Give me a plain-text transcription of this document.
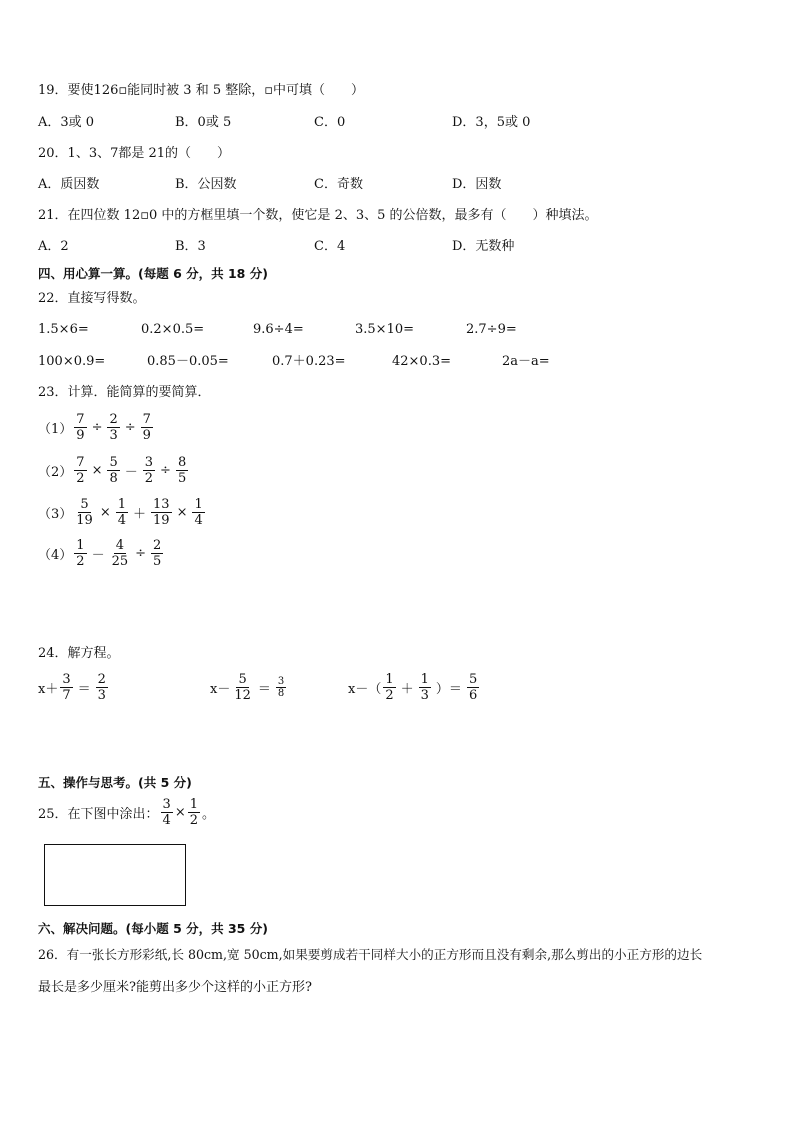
19．要使126▫能同时被 3 和 5 整除，▫中可填（　　）
A．3或 0	B．0或 5	C．0	D．3，5或 0
20．1、3、7都是 21的（　　）
A．质因数	B．公因数	C．奇数	D．因数
21．在四位数 12▫0 中的方框里填一个数，使它是 2、3、5 的公倍数，最多有（　　）种填法。
A．2	B．3	C．4	D．无数种
四、用心算一算。(每题 6 分，共 18 分)
22．直接写得数。
1.5×6=	0.2×0.5=	9.6÷4=	3.5×10=	2.7÷9=
100×0.9=	0.85－0.05=	0.7＋0.23=	42×0.3=	2a－a=
23．计算．能简算的要简算．
$(1) \frac{7}{9} \div \frac{2}{3} \div \frac{7}{9}$
$(2) \frac{7}{2} \times \frac{5}{8} - \frac{3}{2} \div \frac{8}{5}$
$(3) \frac{5}{19} \times \frac{1}{4} + \frac{13}{19} \times \frac{1}{4}$
$(4) \frac{1}{2} - \frac{4}{25} \div \frac{2}{5}$
24．解方程。
$x+ \frac{3}{7} = \frac{2}{3}$	$x- \frac{5}{12} = \frac{3}{8}$	$x-( \frac{1}{2} + \frac{1}{3}$ ）＝ $\frac{5}{6}$
五、操作与思考。(共 5 分)
25．在下图中涂出： $\frac{3}{4} \times \frac{1}{2}$ 。
六、解决问题。(每小题 5 分，共 35 分)
26．有一张长方形彩纸,长 80cm,宽 50cm,如果要剪成若干同样大小的正方形而且没有剩余,那么剪出的小正方形的边长
最长是多少厘米?能剪出多少个这样的小正方形?
